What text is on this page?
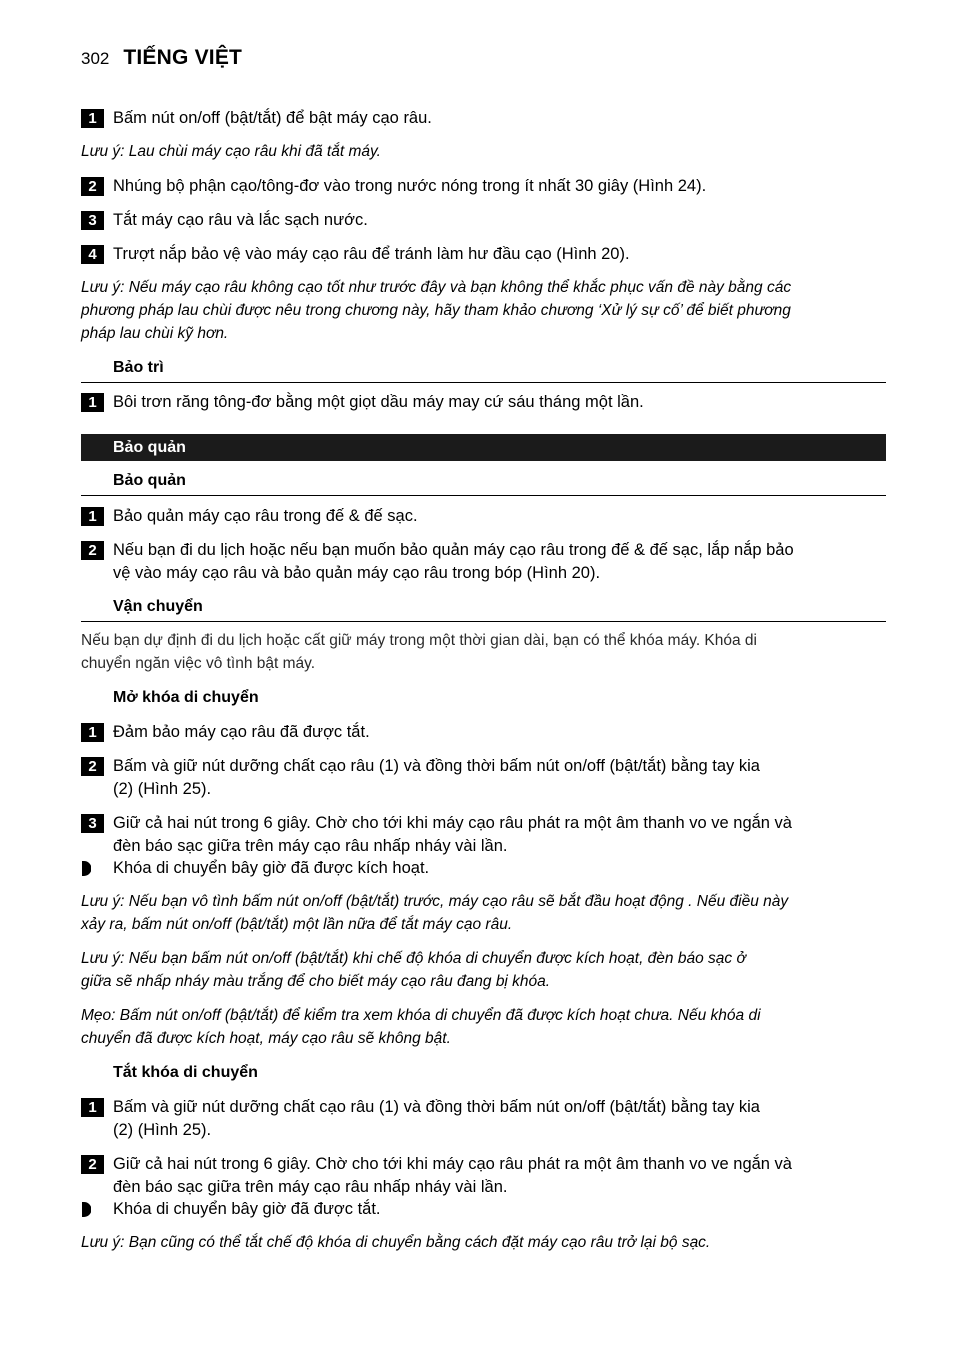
302 TIẾNG VIỆT
1 Bấm nút on/off (bật/tắt) để bật máy cạo râu.
Lưu ý: Lau chùi máy cạo râu khi đã tắt máy.
2 Nhúng bộ phận cạo/tông-đơ vào trong nước nóng trong ít nhất 30 giây (Hình 24).
3 Tắt máy cạo râu và lắc sạch nước.
4 Trượt nắp bảo vệ vào máy cạo râu để tránh làm hư đầu cạo (Hình 20).
Lưu ý: Nếu máy cạo râu không cạo tốt như trước đây và bạn không thể khắc phục vấn đề này bằng các
phương pháp lau chùi được nêu trong chương này, hãy tham khảo chương ‘Xử lý sự cố’ để biết phương
pháp lau chùi kỹ hơn.
Bảo trì
1 Bôi trơn răng tông-đơ bằng một giọt dầu máy may cứ sáu tháng một lần.
Bảo quản
Bảo quản
1 Bảo quản máy cạo râu trong đế & đế sạc.
2 Nếu bạn đi du lịch hoặc nếu bạn muốn bảo quản máy cạo râu trong đế & đế sạc, lắp nắp bảo
vệ vào máy cạo râu và bảo quản máy cạo râu trong bóp (Hình 20).
Vận chuyển
Nếu bạn dự định đi du lịch hoặc cất giữ máy trong một thời gian dài, bạn có thể khóa máy. Khóa di
chuyển ngăn việc vô tình bật máy.
Mở khóa di chuyển
1 Đảm bảo máy cạo râu đã được tắt.
2 Bấm và giữ nút dưỡng chất cạo râu (1) và đồng thời bấm nút on/off (bật/tắt) bằng tay kia
(2) (Hình 25).
3 Giữ cả hai nút trong 6 giây. Chờ cho tới khi máy cạo râu phát ra một âm thanh vo ve ngắn và
đèn báo sạc giữa trên máy cạo râu nhấp nháy vài lần.
Khóa di chuyển bây giờ đã được kích hoạt.
Lưu ý: Nếu bạn vô tình bấm nút on/off (bật/tắt) trước, máy cạo râu sẽ bắt đầu hoạt động . Nếu điều này
xảy ra, bấm nút on/off (bật/tắt) một lần nữa để tắt máy cạo râu.
Lưu ý: Nếu bạn bấm nút on/off (bật/tắt) khi chế độ khóa di chuyển được kích hoạt, đèn báo sạc ở
giữa sẽ nhấp nháy màu trắng để cho biết máy cạo râu đang bị khóa.
Mẹo: Bấm nút on/off (bật/tắt) để kiểm tra xem khóa di chuyển đã được kích hoạt chưa. Nếu khóa di
chuyển đã được kích hoạt, máy cạo râu sẽ không bật.
Tắt khóa di chuyển
1 Bấm và giữ nút dưỡng chất cạo râu (1) và đồng thời bấm nút on/off (bật/tắt) bằng tay kia
(2) (Hình 25).
2 Giữ cả hai nút trong 6 giây. Chờ cho tới khi máy cạo râu phát ra một âm thanh vo ve ngắn và
đèn báo sạc giữa trên máy cạo râu nhấp nháy vài lần.
Khóa di chuyển bây giờ đã được tắt.
Lưu ý: Bạn cũng có thể tắt chế độ khóa di chuyển bằng cách đặt máy cạo râu trở lại bộ sạc.
